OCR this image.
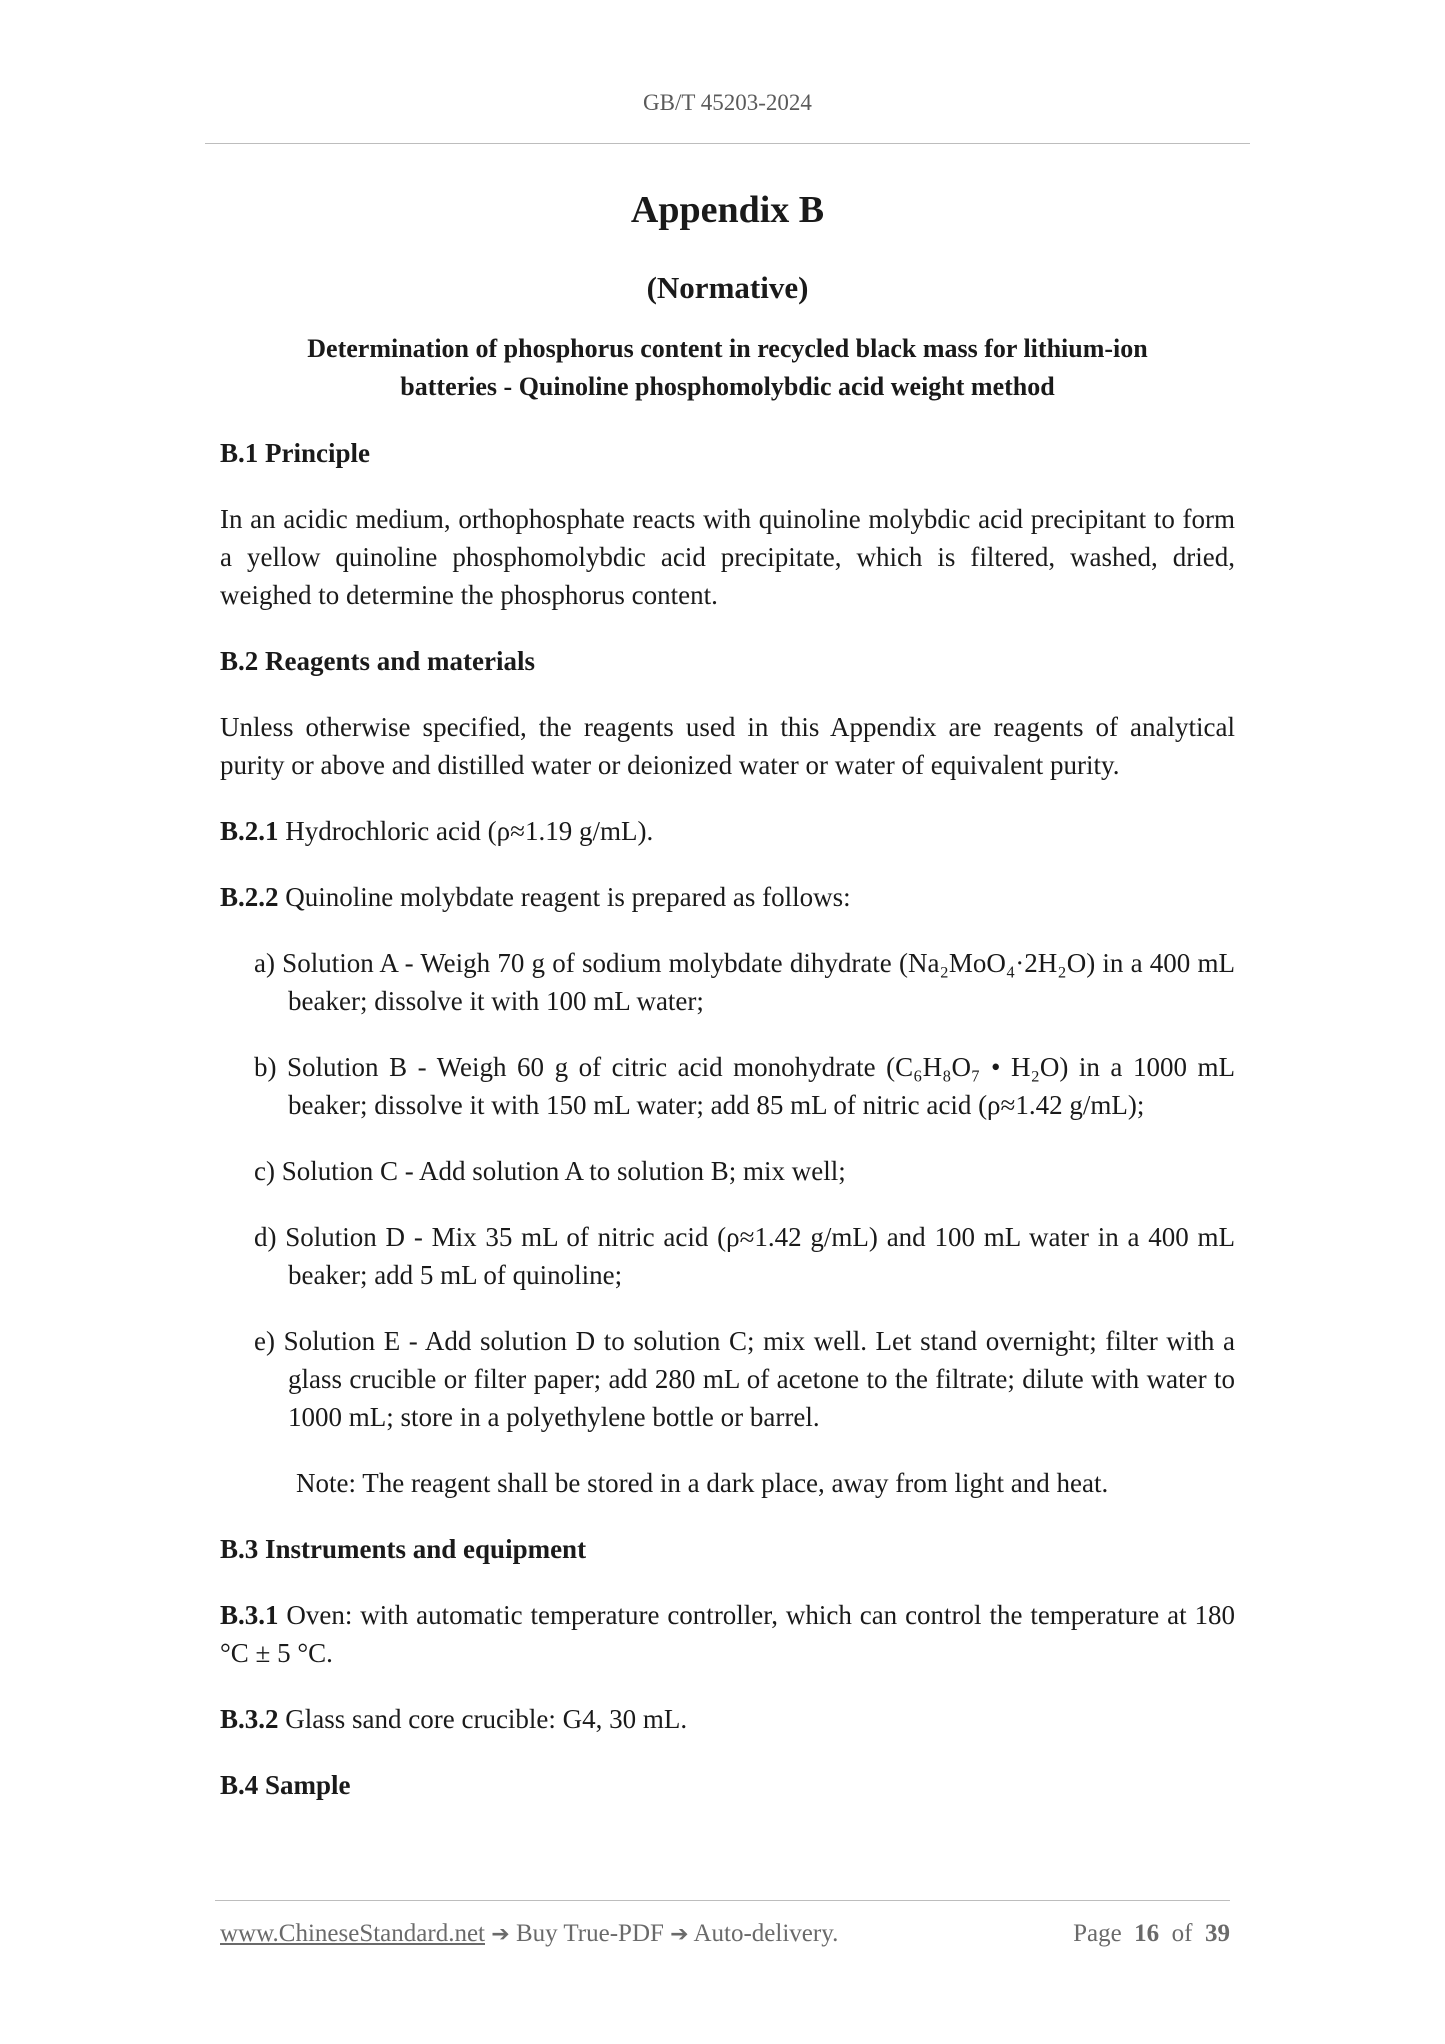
GB/T 45203-2024
Appendix B
(Normative)
Determination of phosphorus content in recycled black mass for lithium-ion
batteries - Quinoline phosphomolybdic acid weight method
B.1 Principle

In an acidic medium, orthophosphate reacts with quinoline molybdic acid precipitant to form a yellow quinoline phosphomolybdic acid precipitate, which is filtered, washed, dried, weighed to determine the phosphorus content.

B.2 Reagents and materials

Unless otherwise specified, the reagents used in this Appendix are reagents of analytical purity or above and distilled water or deionized water or water of equivalent purity.

B.2.1 Hydrochloric acid (ρ≈1.19 g/mL).

B.2.2 Quinoline molybdate reagent is prepared as follows:

a) Solution A - Weigh 70 g of sodium molybdate dihydrate (Na₂MoO₄·2H₂O) in a 400 mL beaker; dissolve it with 100 mL water;
b) Solution B - Weigh 60 g of citric acid monohydrate (C₆H₈O₇ • H₂O) in a 1000 mL beaker; dissolve it with 150 mL water; add 85 mL of nitric acid (ρ≈1.42 g/mL);
c) Solution C - Add solution A to solution B; mix well;
d) Solution D - Mix 35 mL of nitric acid (ρ≈1.42 g/mL) and 100 mL water in a 400 mL beaker; add 5 mL of quinoline;
e) Solution E - Add solution D to solution C; mix well. Let stand overnight; filter with a glass crucible or filter paper; add 280 mL of acetone to the filtrate; dilute with water to 1000 mL; store in a polyethylene bottle or barrel.
Note: The reagent shall be stored in a dark place, away from light and heat.
B.3 Instruments and equipment

B.3.1 Oven: with automatic temperature controller, which can control the temperature at 180 °C ± 5 °C.

B.3.2 Glass sand core crucible: G4, 30 mL.

B.4 Sample
www.ChineseStandard.net ➔ Buy True-PDF ➔ Auto-delivery.	Page 16 of 39
